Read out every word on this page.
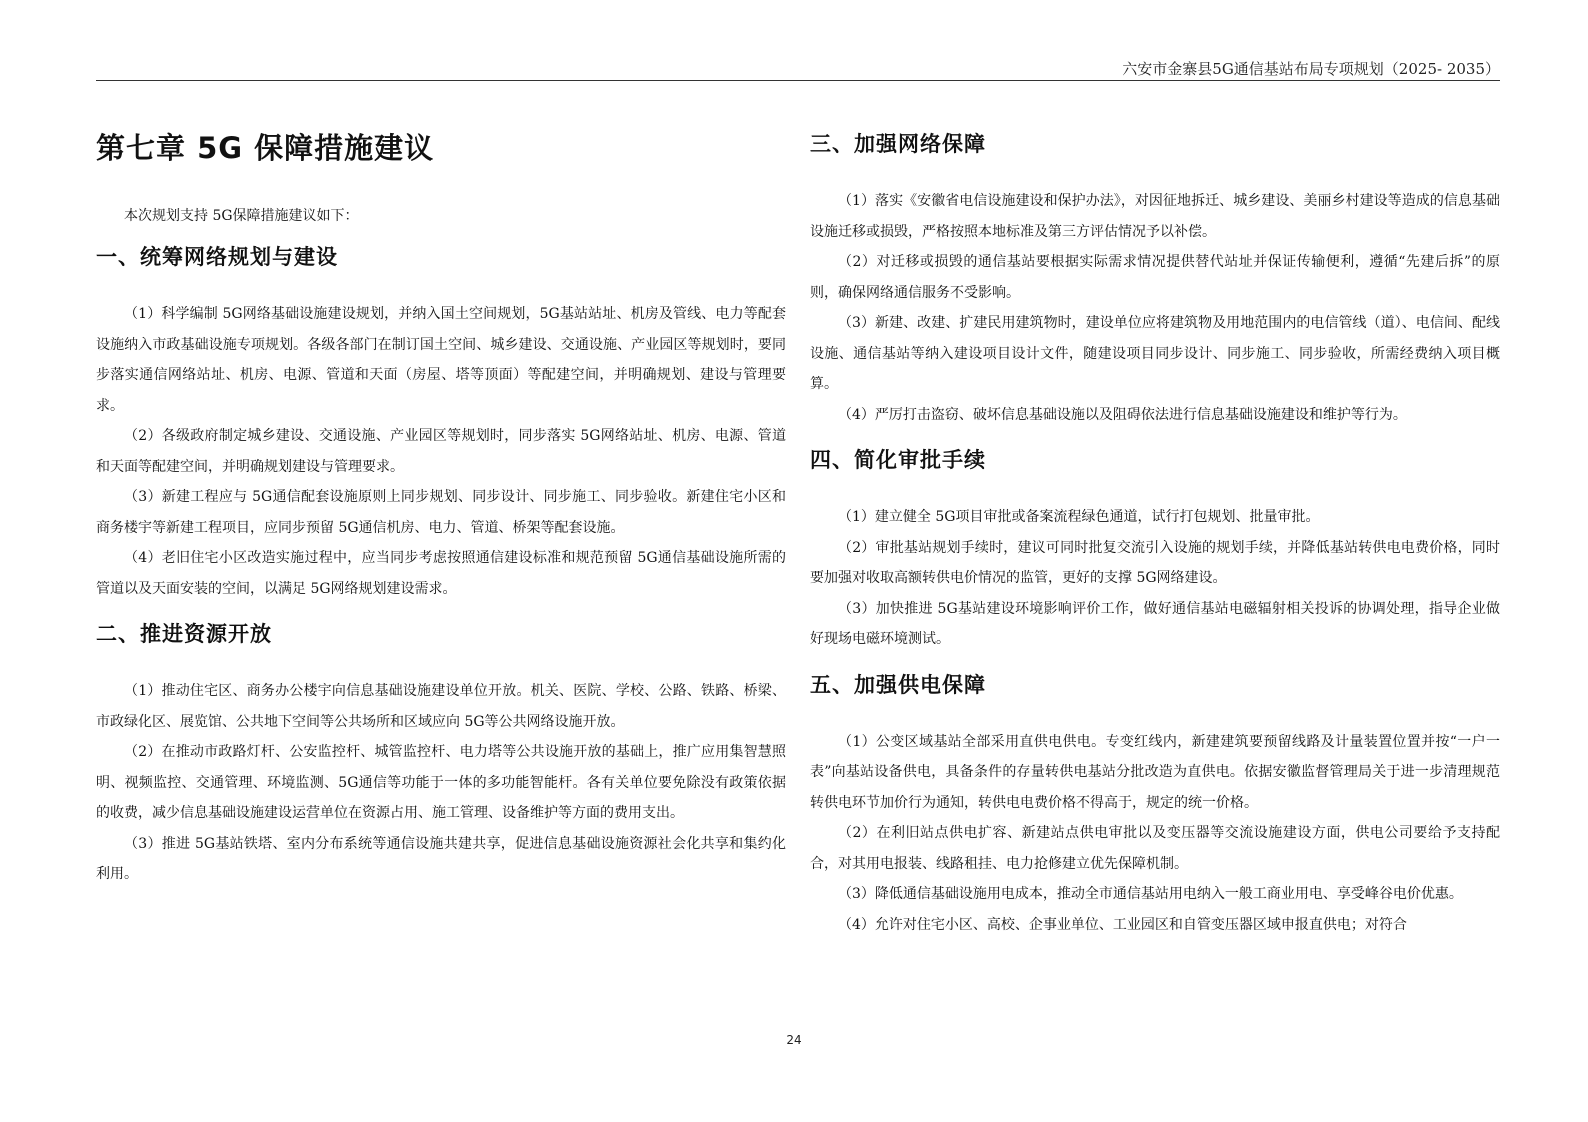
六安市金寨县5G通信基站布局专项规划（2025- 2035）
第七章 5G 保障措施建议

本次规划支持 5G保障措施建议如下：

一、统筹网络规划与建设

（1）科学编制 5G网络基础设施建设规划，并纳入国土空间规划，5G基站站址、机房及管线、电力等配套设施纳入市政基础设施专项规划。各级各部门在制订国土空间、城乡建设、交通设施、产业园区等规划时，要同步落实通信网络站址、机房、电源、管道和天面（房屋、塔等顶面）等配建空间，并明确规划、建设与管理要求。

（2）各级政府制定城乡建设、交通设施、产业园区等规划时，同步落实 5G网络站址、机房、电源、管道和天面等配建空间，并明确规划建设与管理要求。

（3）新建工程应与 5G通信配套设施原则上同步规划、同步设计、同步施工、同步验收。新建住宅小区和商务楼宇等新建工程项目，应同步预留 5G通信机房、电力、管道、桥架等配套设施。

（4）老旧住宅小区改造实施过程中，应当同步考虑按照通信建设标准和规范预留 5G通信基础设施所需的管道以及天面安装的空间，以满足 5G网络规划建设需求。

二、推进资源开放

（1）推动住宅区、商务办公楼宇向信息基础设施建设单位开放。机关、医院、学校、公路、铁路、桥梁、市政绿化区、展览馆、公共地下空间等公共场所和区域应向 5G等公共网络设施开放。

（2）在推动市政路灯杆、公安监控杆、城管监控杆、电力塔等公共设施开放的基础上，推广应用集智慧照明、视频监控、交通管理、环境监测、5G通信等功能于一体的多功能智能杆。各有关单位要免除没有政策依据的收费，减少信息基础设施建设运营单位在资源占用、施工管理、设备维护等方面的费用支出。

（3）推进 5G基站铁塔、室内分布系统等通信设施共建共享，促进信息基础设施资源社会化共享和集约化利用。

三、加强网络保障

（1）落实《安徽省电信设施建设和保护办法》，对因征地拆迁、城乡建设、美丽乡村建设等造成的信息基础设施迁移或损毁，严格按照本地标准及第三方评估情况予以补偿。

（2）对迁移或损毁的通信基站要根据实际需求情况提供替代站址并保证传输便利，遵循“先建后拆”的原则，确保网络通信服务不受影响。

（3）新建、改建、扩建民用建筑物时，建设单位应将建筑物及用地范围内的电信管线（道）、电信间、配线设施、通信基站等纳入建设项目设计文件，随建设项目同步设计、同步施工、同步验收，所需经费纳入项目概算。

（4）严厉打击盗窃、破坏信息基础设施以及阻碍依法进行信息基础设施建设和维护等行为。

四、简化审批手续

（1）建立健全 5G项目审批或备案流程绿色通道，试行打包规划、批量审批。

（2）审批基站规划手续时，建议可同时批复交流引入设施的规划手续，并降低基站转供电电费价格，同时要加强对收取高额转供电价情况的监管，更好的支撑 5G网络建设。

（3）加快推进 5G基站建设环境影响评价工作，做好通信基站电磁辐射相关投诉的协调处理，指导企业做好现场电磁环境测试。

五、加强供电保障

（1）公变区域基站全部采用直供电供电。专变红线内，新建建筑要预留线路及计量装置位置并按“一户一表”向基站设备供电，具备条件的存量转供电基站分批改造为直供电。依据安徽监督管理局关于进一步清理规范转供电环节加价行为通知，转供电电费价格不得高于，规定的统一价格。

（2）在利旧站点供电扩容、新建站点供电审批以及变压器等交流设施建设方面，供电公司要给予支持配合，对其用电报装、线路租挂、电力抢修建立优先保障机制。

（3）降低通信基础设施用电成本，推动全市通信基站用电纳入一般工商业用电、享受峰谷电价优惠。

（4）允许对住宅小区、高校、企事业单位、工业园区和自管变压器区域申报直供电；对符合

24
